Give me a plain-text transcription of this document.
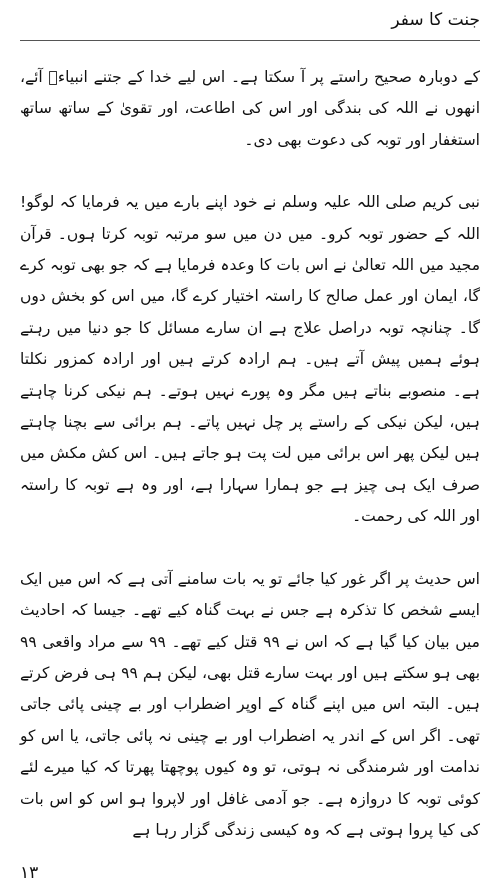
جنت کا سفر

کے دوبارہ صحیح راستے پر آ سکتا ہے۔ اس لیے خدا کے جتنے انبیاءؑ آئے، انھوں نے اللہ کی بندگی اور اس کی اطاعت، اور تقویٰ کے ساتھ ساتھ استغفار اور توبہ کی دعوت بھی دی۔

نبی کریم صلی اللہ علیہ وسلم نے خود اپنے بارے میں یہ فرمایا کہ لوگو! اللہ کے حضور توبہ کرو۔ میں دن میں سو مرتبہ توبہ کرتا ہوں۔ قرآن مجید میں اللہ تعالیٰ نے اس بات کا وعدہ فرمایا ہے کہ جو بھی توبہ کرے گا، ایمان اور عمل صالح کا راستہ اختیار کرے گا، میں اس کو بخش دوں گا۔ چنانچہ توبہ دراصل علاج ہے ان سارے مسائل کا جو دنیا میں رہتے ہوئے ہمیں پیش آتے ہیں۔ ہم ارادہ کرتے ہیں اور ارادہ کمزور نکلتا ہے۔ منصوبے بناتے ہیں مگر وہ پورے نہیں ہوتے۔ ہم نیکی کرنا چاہتے ہیں، لیکن نیکی کے راستے پر چل نہیں پاتے۔ ہم برائی سے بچنا چاہتے ہیں لیکن پھر اس برائی میں لت پت ہو جاتے ہیں۔ اس کش مکش میں صرف ایک ہی چیز ہے جو ہمارا سہارا ہے، اور وہ ہے توبہ کا راستہ اور اللہ کی رحمت۔

اس حدیث پر اگر غور کیا جائے تو یہ بات سامنے آتی ہے کہ اس میں ایک ایسے شخص کا تذکرہ ہے جس نے بہت گناہ کیے تھے۔ جیسا کہ احادیث میں بیان کیا گیا ہے کہ اس نے ۹۹ قتل کیے تھے۔ ۹۹ سے مراد واقعی ۹۹ بھی ہو سکتے ہیں اور بہت سارے قتل بھی، لیکن ہم ۹۹ ہی فرض کرتے ہیں۔ البتہ اس میں اپنے گناہ کے اوپر اضطراب اور بے چینی پائی جاتی تھی۔ اگر اس کے اندر یہ اضطراب اور بے چینی نہ پائی جاتی، یا اس کو ندامت اور شرمندگی نہ ہوتی، تو وہ کیوں پوچھتا پھرتا کہ کیا میرے لئے کوئی توبہ کا دروازہ ہے۔ جو آدمی غافل اور لاپروا ہو اس کو اس بات کی کیا پروا ہوتی ہے کہ وہ کیسی زندگی گزار رہا ہے

۱۳
